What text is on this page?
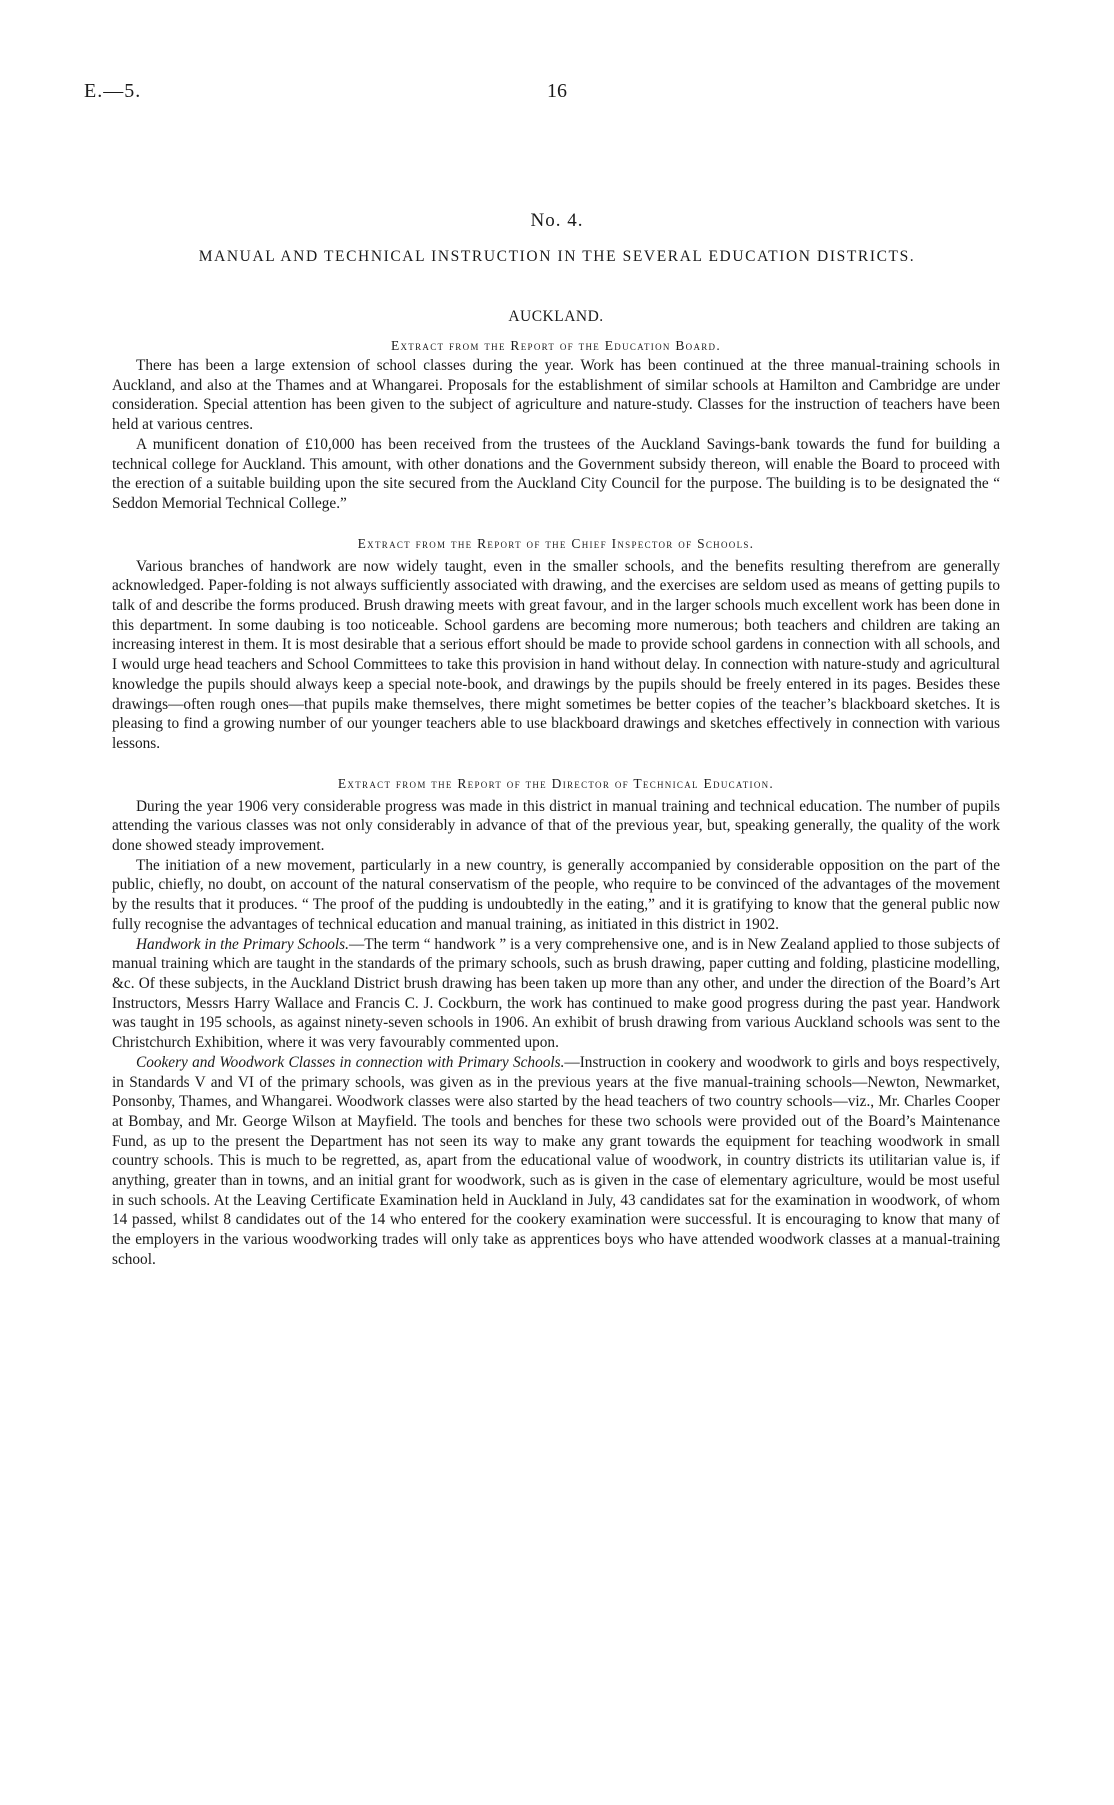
E.—5.	16
No. 4.
MANUAL AND TECHNICAL INSTRUCTION IN THE SEVERAL EDUCATION DISTRICTS.
AUCKLAND.
Extract from the Report of the Education Board.

There has been a large extension of school classes during the year. Work has been continued at the three manual-training schools in Auckland, and also at the Thames and at Whangarei. Proposals for the establishment of similar schools at Hamilton and Cambridge are under consideration. Special attention has been given to the subject of agriculture and nature-study. Classes for the instruction of teachers have been held at various centres.

A munificent donation of £10,000 has been received from the trustees of the Auckland Savings-bank towards the fund for building a technical college for Auckland. This amount, with other donations and the Government subsidy thereon, will enable the Board to proceed with the erection of a suitable building upon the site secured from the Auckland City Council for the purpose. The building is to be designated the “ Seddon Memorial Technical College.”

Extract from the Report of the Chief Inspector of Schools.

Various branches of handwork are now widely taught, even in the smaller schools, and the benefits resulting therefrom are generally acknowledged. Paper-folding is not always sufficiently associated with drawing, and the exercises are seldom used as means of getting pupils to talk of and describe the forms produced. Brush drawing meets with great favour, and in the larger schools much excellent work has been done in this department. In some daubing is too noticeable. School gardens are becoming more numerous; both teachers and children are taking an increasing interest in them. It is most desirable that a serious effort should be made to provide school gardens in connection with all schools, and I would urge head teachers and School Committees to take this provision in hand without delay. In connection with nature-study and agricultural knowledge the pupils should always keep a special note-book, and drawings by the pupils should be freely entered in its pages. Besides these drawings—often rough ones—that pupils make themselves, there might sometimes be better copies of the teacher’s blackboard sketches. It is pleasing to find a growing number of our younger teachers able to use blackboard drawings and sketches effectively in connection with various lessons.

Extract from the Report of the Director of Technical Education.

During the year 1906 very considerable progress was made in this district in manual training and technical education. The number of pupils attending the various classes was not only considerably in advance of that of the previous year, but, speaking generally, the quality of the work done showed steady improvement.

The initiation of a new movement, particularly in a new country, is generally accompanied by considerable opposition on the part of the public, chiefly, no doubt, on account of the natural conservatism of the people, who require to be convinced of the advantages of the movement by the results that it produces. “ The proof of the pudding is undoubtedly in the eating,” and it is gratifying to know that the general public now fully recognise the advantages of technical education and manual training, as initiated in this district in 1902.

Handwork in the Primary Schools.—The term “ handwork ” is a very comprehensive one, and is in New Zealand applied to those subjects of manual training which are taught in the standards of the primary schools, such as brush drawing, paper cutting and folding, plasticine modelling, &c. Of these subjects, in the Auckland District brush drawing has been taken up more than any other, and under the direction of the Board’s Art Instructors, Messrs Harry Wallace and Francis C. J. Cockburn, the work has continued to make good progress during the past year. Handwork was taught in 195 schools, as against ninety-seven schools in 1906. An exhibit of brush drawing from various Auckland schools was sent to the Christchurch Exhibition, where it was very favourably commented upon.

Cookery and Woodwork Classes in connection with Primary Schools.—Instruction in cookery and woodwork to girls and boys respectively, in Standards V and VI of the primary schools, was given as in the previous years at the five manual-training schools—Newton, Newmarket, Ponsonby, Thames, and Whangarei. Woodwork classes were also started by the head teachers of two country schools—viz., Mr. Charles Cooper at Bombay, and Mr. George Wilson at Mayfield. The tools and benches for these two schools were provided out of the Board’s Maintenance Fund, as up to the present the Department has not seen its way to make any grant towards the equipment for teaching woodwork in small country schools. This is much to be regretted, as, apart from the educational value of woodwork, in country districts its utilitarian value is, if anything, greater than in towns, and an initial grant for woodwork, such as is given in the case of elementary agriculture, would be most useful in such schools. At the Leaving Certificate Examination held in Auckland in July, 43 candidates sat for the examination in woodwork, of whom 14 passed, whilst 8 candidates out of the 14 who entered for the cookery examination were successful. It is encouraging to know that many of the employers in the various woodworking trades will only take as apprentices boys who have attended woodwork classes at a manual-training school.
